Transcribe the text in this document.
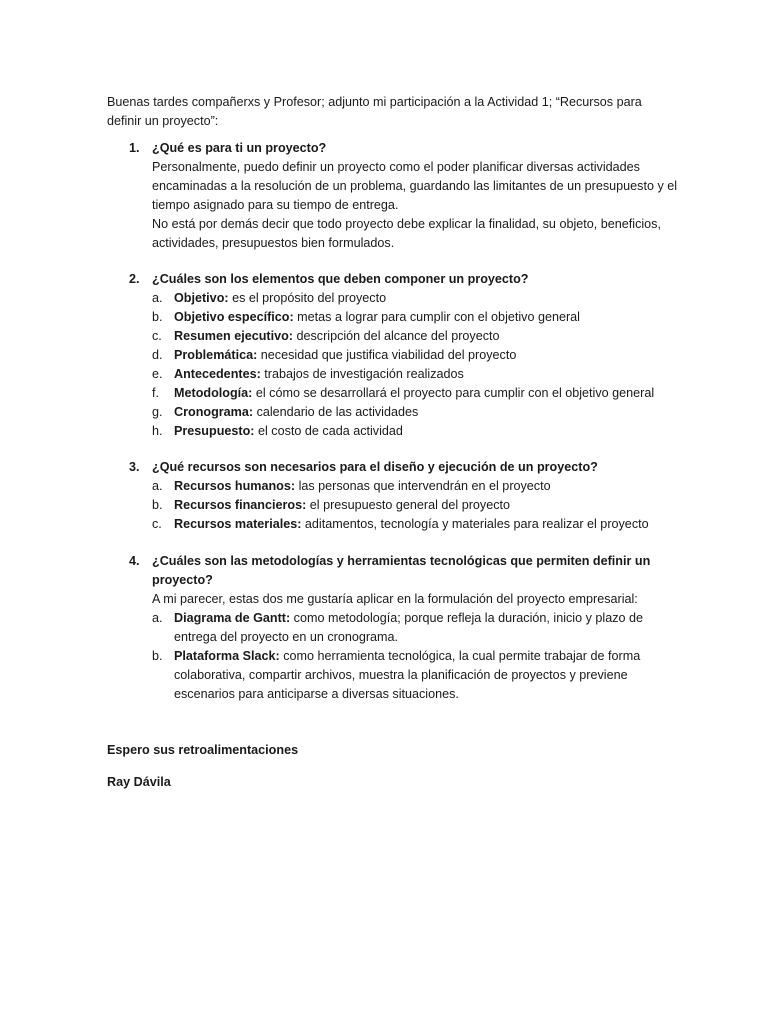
Buenas tardes compañerxs y Profesor; adjunto mi participación a la Actividad 1; “Recursos para definir un proyecto”:

1. ¿Qué es para ti un proyecto?

Personalmente, puedo definir un proyecto como el poder planificar diversas actividades encaminadas a la resolución de un problema, guardando las limitantes de un presupuesto y el tiempo asignado para su tiempo de entrega.

No está por demás decir que todo proyecto debe explicar la finalidad, su objeto, beneficios, actividades, presupuestos bien formulados.

2. ¿Cuáles son los elementos que deben componer un proyecto?
a. Objetivo: es el propósito del proyecto
b. Objetivo específico: metas a lograr para cumplir con el objetivo general
c. Resumen ejecutivo: descripción del alcance del proyecto
d. Problemática: necesidad que justifica viabilidad del proyecto
e. Antecedentes: trabajos de investigación realizados
f. Metodología: el cómo se desarrollará el proyecto para cumplir con el objetivo general
g. Cronograma: calendario de las actividades
h. Presupuesto: el costo de cada actividad
3. ¿Qué recursos son necesarios para el diseño y ejecución de un proyecto?
a. Recursos humanos: las personas que intervendrán en el proyecto
b. Recursos financieros: el presupuesto general del proyecto
c. Recursos materiales: aditamentos, tecnología y materiales para realizar el proyecto
4. ¿Cuáles son las metodologías y herramientas tecnológicas que permiten definir un proyecto?

A mi parecer, estas dos me gustaría aplicar en la formulación del proyecto empresarial:

a. Diagrama de Gantt: como metodología; porque refleja la duración, inicio y plazo de entrega del proyecto en un cronograma.
b. Plataforma Slack: como herramienta tecnológica, la cual permite trabajar de forma colaborativa, compartir archivos, muestra la planificación de proyectos y previene escenarios para anticiparse a diversas situaciones.
Espero sus retroalimentaciones
Ray Dávila
